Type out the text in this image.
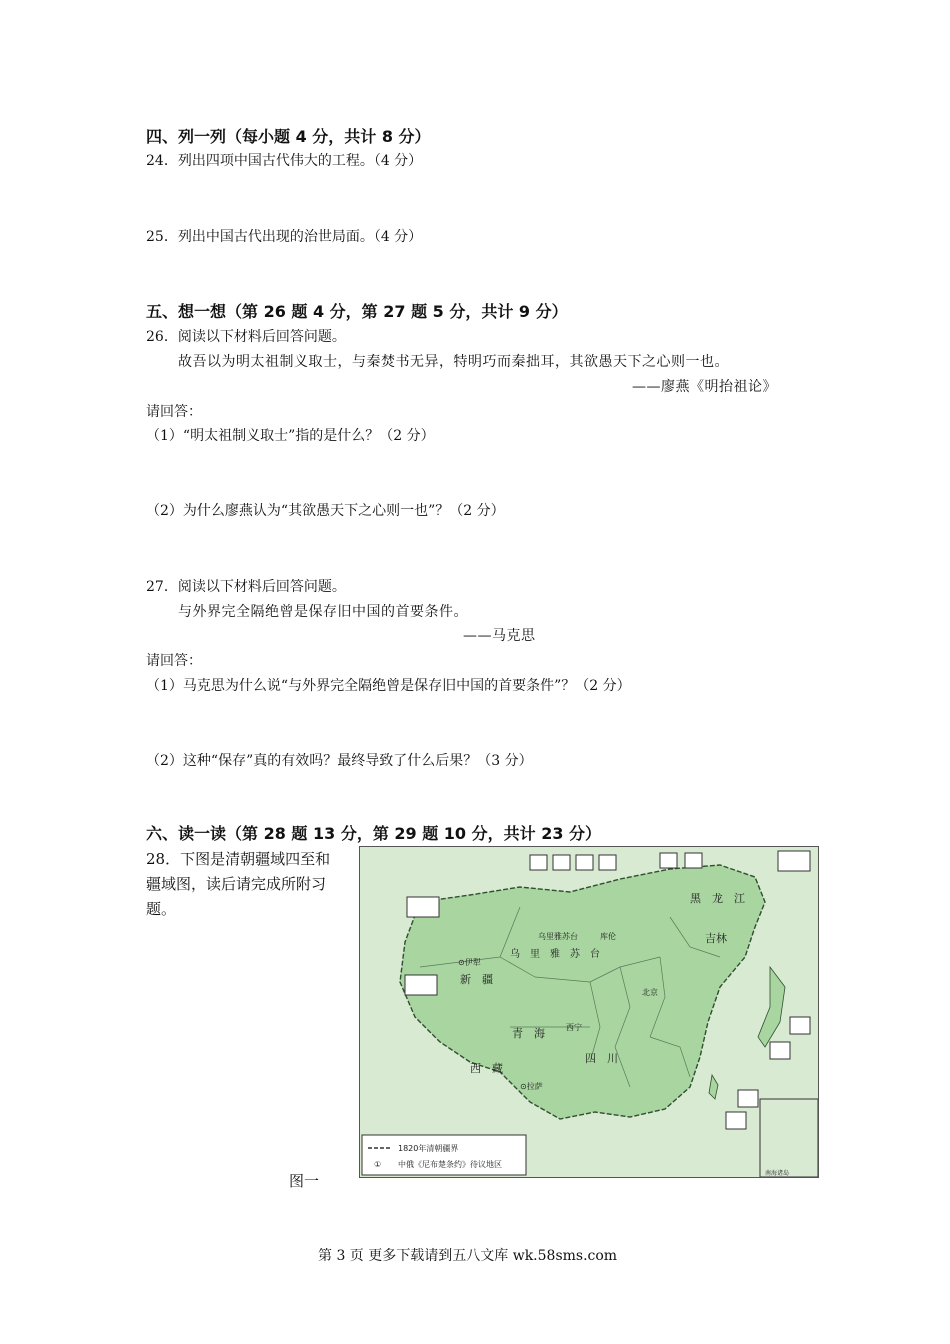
四、列一列（每小题 4 分，共计 8 分）
24．列出四项中国古代伟大的工程。（4 分）
25．列出中国古代出现的治世局面。（4 分）
五、想一想（第 26 题 4 分，第 27 题 5 分，共计 9 分）
26．阅读以下材料后回答问题。
故吾以为明太祖制义取士，与秦焚书无异，特明巧而秦拙耳，其欲愚天下之心则一也。
——廖燕《明抬祖论》
请回答：
（1）“明太祖制义取士”指的是什么？（2 分）
（2）为什么廖燕认为“其欲愚天下之心则一也”？（2 分）
27．阅读以下材料后回答问题。
与外界完全隔绝曾是保存旧中国的首要条件。
——马克思
请回答：
（1）马克思为什么说“与外界完全隔绝曾是保存旧中国的首要条件”？（2 分）
（2）这种“保存”真的有效吗？最终导致了什么后果？（3 分）
六、读一读（第 28 题 13 分，第 29 题 10 分，共计 23 分）
28．下图是清朝疆域四至和
疆域图，读后请完成所附习
题。
⊙伊犁
乌里雅苏台	库伦
北京
⊙拉萨
西宁
南海诸岛
新　疆
青　海
西　藏
四　川
黑　龙　江
吉林
乌　里　雅　苏　台
1820年清朝疆界
① 中俄《尼布楚条约》待议地区
图一
第 3 页 更多下载请到五八文库 wk.58sms.com
